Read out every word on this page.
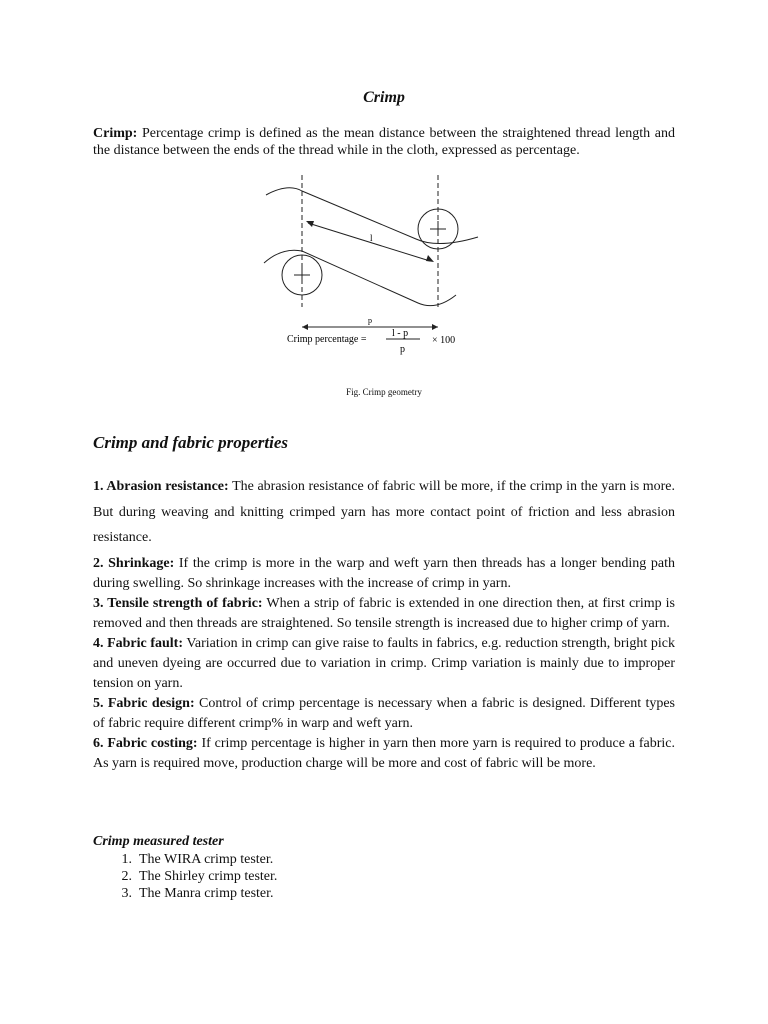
Crimp

Crimp: Percentage crimp is defined as the mean distance between the straightened thread length and the distance between the ends of the thread while in the cloth, expressed as percentage.

l
p
Crimp percentage =
l - p
p
× 100
Fig. Crimp geometry
Crimp and fabric properties

1. Abrasion resistance: The abrasion resistance of fabric will be more, if the crimp in the yarn is more. But during weaving and knitting crimped yarn has more contact point of friction and less abrasion resistance.

2. Shrinkage: If the crimp is more in the warp and weft yarn then threads has a longer bending path during swelling. So shrinkage increases with the increase of crimp in yarn.

3. Tensile strength of fabric: When a strip of fabric is extended in one direction then, at first crimp is removed and then threads are straightened. So tensile strength is increased due to higher crimp of yarn.

4. Fabric fault: Variation in crimp can give raise to faults in fabrics, e.g. reduction strength, bright pick and uneven dyeing are occurred due to variation in crimp. Crimp variation is mainly due to improper tension on yarn.

5. Fabric design: Control of crimp percentage is necessary when a fabric is designed. Different types of fabric require different crimp% in warp and weft yarn.

6. Fabric costing: If crimp percentage is higher in yarn then more yarn is required to produce a fabric. As yarn is required move, production charge will be more and cost of fabric will be more.

Crimp measured tester
1. The WIRA crimp tester.
2. The Shirley crimp tester.
3. The Manra crimp tester.
